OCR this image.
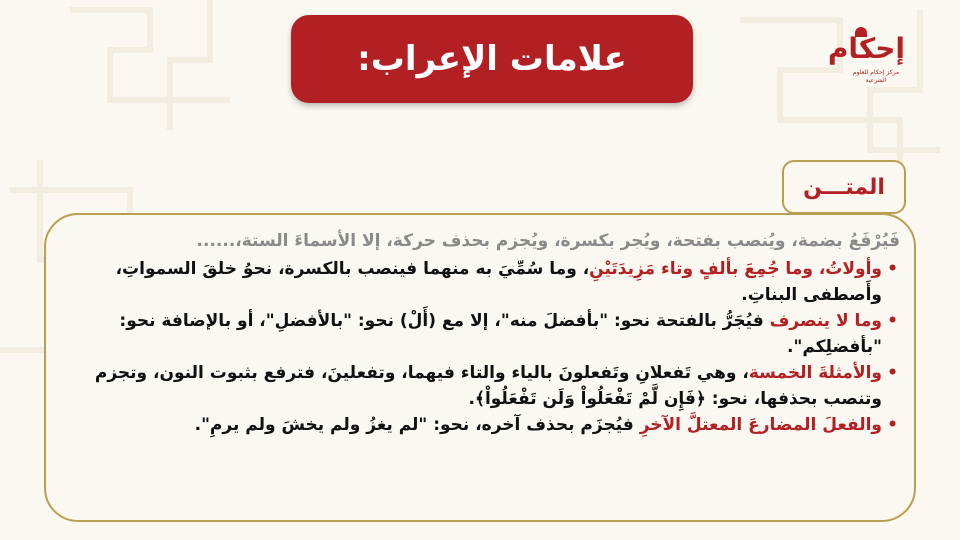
علامات الإعراب:	إحكام
مركز إحكام للعلوم الشرعية
المتـــن
فَيُرْفَعُ بضمة، ويُنصب بفتحة، ويُجر بكسرة، ويُجزم بحذف حركة، إلا الأسماءَ الستة،......
•
وأولاتُ، وما جُمِعَ بألفٍ وتاء مَزِيدَتَيْنِ، وما سُمِّيَ به منهما فينصب بالكسرة، نحوُ خلقَ السمواتِ، وأَصطفى البناتِ.
•
وما لا ينصرف فيُجَرُّ بالفتحة نحو: "بأفضلَ منه"، إلا مع (أَلْ) نحو: "بالأفضلِ"، أو بالإضافة نحو: "بأفضلِكم".
•
والأمثلةَ الخمسة، وهي تَفعلانِ وتَفعلونَ بالياء والتاء فيهما، وتفعلينَ، فترفع بثبوت النون، وتجزم وتنصب بحذفها، نحو: ﴿فَإِن لَّمْ تَفْعَلُواْ وَلَن تَفْعَلُواْ﴾.
•
والفعلَ المضارعَ المعتلَّ الآخرِ فيُجزَم بحذف آخره، نحو: "لم يغزُ ولم يخشَ ولم يرمِ".
